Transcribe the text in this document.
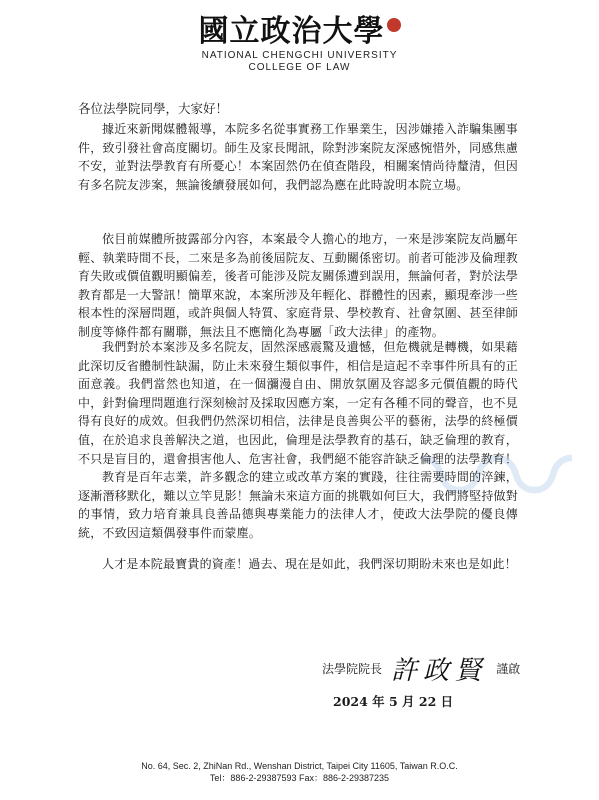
國立政治大學
NATIONAL CHENGCHI UNIVERSITY
COLLEGE OF LAW
〰

各位法學院同學，大家好！

據近來新聞媒體報導，本院多名從事實務工作畢業生，因涉嫌捲入詐騙集團事件，致引發社會高度關切。師生及家長聞訊，除對涉案院友深感惋惜外，同感焦慮不安，並對法學教育有所憂心！本案固然仍在偵查階段，相關案情尚待釐清，但因有多名院友涉案，無論後續發展如何，我們認為應在此時說明本院立場。

依目前媒體所披露部分內容，本案最令人擔心的地方，一來是涉案院友尚屬年輕、執業時間不長，二來是多為前後屆院友、互動關係密切。前者可能涉及倫理教育失敗或價值觀明顯偏差，後者可能涉及院友關係遭到誤用，無論何者，對於法學教育都是一大警訊！簡單來說，本案所涉及年輕化、群體性的因素，顯現牽涉一些根本性的深層問題，或許與個人特質、家庭背景、學校教育、社會氛圍、甚至律師制度等條件都有關聯，無法且不應簡化為專屬「政大法律」的產物。

我們對於本案涉及多名院友，固然深感震驚及遺憾，但危機就是轉機，如果藉此深切反省體制性缺漏，防止未來發生類似事件，相信是這起不幸事件所具有的正面意義。我們當然也知道，在一個瀰漫自由、開放氛圍及容認多元價值觀的時代中，針對倫理問題進行深刻檢討及採取因應方案，一定有各種不同的聲音，也不見得有良好的成效。但我們仍然深切相信，法律是良善與公平的藝術，法學的終極價值，在於追求良善解決之道，也因此，倫理是法學教育的基石，缺乏倫理的教育，不只是盲目的，還會損害他人、危害社會，我們絕不能容許缺乏倫理的法學教育！

教育是百年志業，許多觀念的建立或改革方案的實踐，往往需要時間的淬鍊，逐漸潛移默化，難以立竿見影！無論未來這方面的挑戰如何巨大，我們將堅持做對的事情，致力培育兼具良善品德與專業能力的法律人才，使政大法學院的優良傳統，不致因這類偶發事件而蒙塵。

人才是本院最寶貴的資產！過去、現在是如此，我們深切期盼未來也是如此！

法學院院長 許政賢 謹啟
2024 年 5 月 22 日
No. 64, Sec. 2, ZhiNan Rd., Wenshan District, Taipei City 11605, Taiwan R.O.C.
Tel：886-2-29387593 Fax：886-2-29387235
